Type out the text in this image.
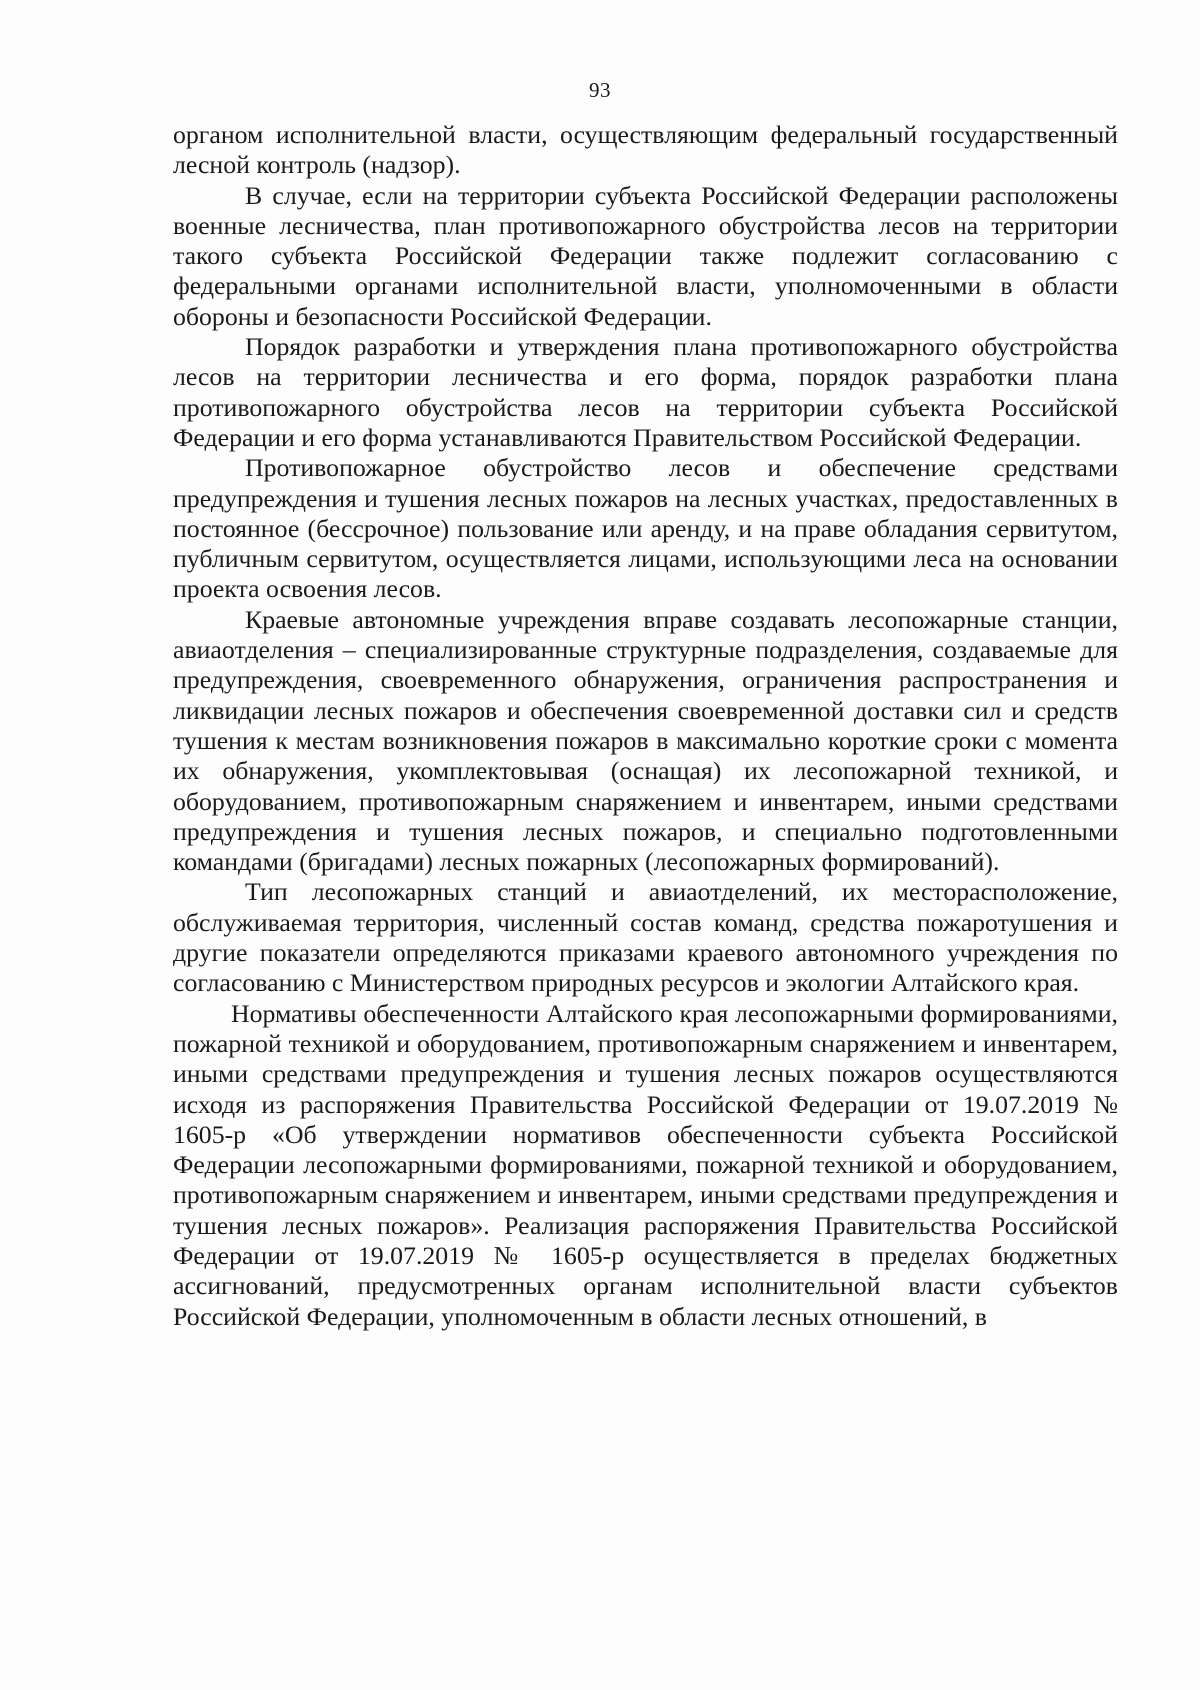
93

органом исполнительной власти, осуществляющим федеральный государственный лесной контроль (надзор).

В случае, если на территории субъекта Российской Федерации расположены военные лесничества, план противопожарного обустройства лесов на территории такого субъекта Российской Федерации также подлежит согласованию с федеральными органами исполнительной власти, уполномоченными в области обороны и безопасности Российской Федерации.

Порядок разработки и утверждения плана противопожарного обустройства лесов на территории лесничества и его форма, порядок разработки плана противопожарного обустройства лесов на территории субъекта Российской Федерации и его форма устанавливаются Правительством Российской Федерации.

Противопожарное обустройство лесов и обеспечение средствами предупреждения и тушения лесных пожаров на лесных участках, предоставленных в постоянное (бессрочное) пользование или аренду, и на праве обладания сервитутом, публичным сервитутом, осуществляется лицами, использующими леса на основании проекта освоения лесов.

Краевые автономные учреждения вправе создавать лесопожарные станции, авиаотделения – специализированные структурные подразделения, создаваемые для предупреждения, своевременного обнаружения, ограничения распространения и ликвидации лесных пожаров и обеспечения своевременной доставки сил и средств тушения к местам возникновения пожаров в максимально короткие сроки с момента их обнаружения, укомплектовывая (оснащая) их лесопожарной техникой, и оборудованием, противопожарным снаряжением и инвентарем, иными средствами предупреждения и тушения лесных пожаров, и специально подготовленными командами (бригадами) лесных пожарных (лесопожарных формирований).

Тип лесопожарных станций и авиаотделений, их месторасположение, обслуживаемая территория, численный состав команд, средства пожаротушения и другие показатели определяются приказами краевого автономного учреждения по согласованию с Министерством природных ресурсов и экологии Алтайского края.

Нормативы обеспеченности Алтайского края лесопожарными формированиями, пожарной техникой и оборудованием, противопожарным снаряжением и инвентарем, иными средствами предупреждения и тушения лесных пожаров осуществляются исходя из распоряжения Правительства Российской Федерации от 19.07.2019 № 1605-р «Об утверждении нормативов обеспеченности субъекта Российской Федерации лесопожарными формированиями, пожарной техникой и оборудованием, противопожарным снаряжением и инвентарем, иными средствами предупреждения и тушения лесных пожаров». Реализация распоряжения Правительства Российской Федерации от 19.07.2019 № 1605-р осуществляется в пределах бюджетных ассигнований, предусмотренных органам исполнительной власти субъектов Российской Федерации, уполномоченным в области лесных отношений, в
